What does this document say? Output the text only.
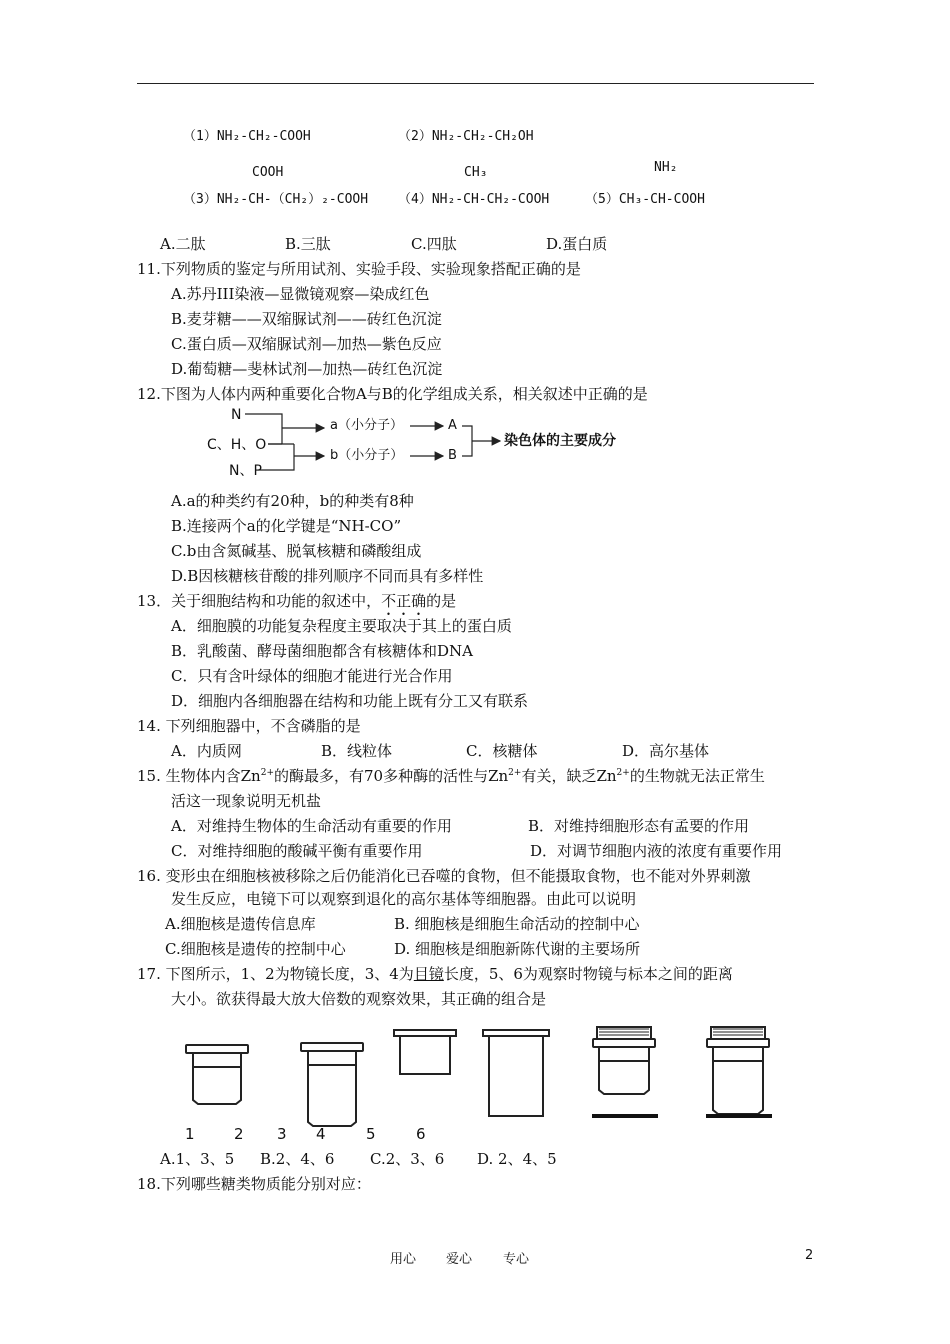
（1）NH₂-CH₂-COOH	（2）NH₂-CH₂-CH₂OH
COOH	CH₃	NH₂
（3）NH₂-CH-（CH₂）₂-COOH （4）NH₂-CH-CH₂-COOH	（5）CH₃-CH-COOH
A.二肽	B.三肽	C.四肽	D.蛋白质
11.下列物质的鉴定与所用试剂、实验手段、实验现象搭配正确的是
A.苏丹III染液—显微镜观察—染成红色
B.麦芽糖——双缩脲试剂——砖红色沉淀
C.蛋白质—双缩脲试剂—加热—紫色反应
D.葡萄糖—斐林试剂—加热—砖红色沉淀
12.下图为人体内两种重要化合物A与B的化学组成关系，相关叙述中正确的是
N
C、H、O
N、P
a（小分子）
b（小分子）
A
B
染色体的主要成分
A.a的种类约有20种，b的种类有8种
B.连接两个a的化学键是“NH-CO”
C.b由含氮碱基、脱氧核糖和磷酸组成
D.B因核糖核苷酸的排列顺序不同而具有多样性
13．关于细胞结构和功能的叙述中，不正确的是
A．细胞膜的功能复杂程度主要取决于其上的蛋白质
B．乳酸菌、酵母菌细胞都含有核糖体和DNA
C．只有含叶绿体的细胞才能进行光合作用
D．细胞内各细胞器在结构和功能上既有分工又有联系
14. 下列细胞器中，不含磷脂的是
A．内质网	B．线粒体	C．核糖体	D．高尔基体
15. 生物体内含$Zn^{2+}$的酶最多，有70多种酶的活性与$Zn^{2+}$有关，缺乏$Zn^{2+}$的生物就无法正常生
活这一现象说明无机盐
A．对维持生物体的生命活动有重要的作用	B．对维持细胞形态有孟要的作用
C．对维持细胞的酸碱平衡有重要作用	D．对调节细胞内液的浓度有重要作用
16. 变形虫在细胞核被移除之后仍能消化已吞噬的食物，但不能摄取食物，也不能对外界刺激
发生反应，电镜下可以观察到退化的高尔基体等细胞器。由此可以说明
A.细胞核是遗传信息库	B. 细胞核是细胞生命活动的控制中心
C.细胞核是遗传的控制中心	D. 细胞核是细胞新陈代谢的主要场所
17. 下图所示，1、2为物镜长度，3、4为目镜长度，5、6为观察时物镜与标本之间的距离
大小。欲获得最大放大倍数的观察效果，其正确的组合是
1	2 3 4	5	6
A.1、3、5 B.2、4、6 C.2、3、6 D. 2、4、5
18.下列哪些糖类物质能分别对应：
用心 爱心 专心	2
